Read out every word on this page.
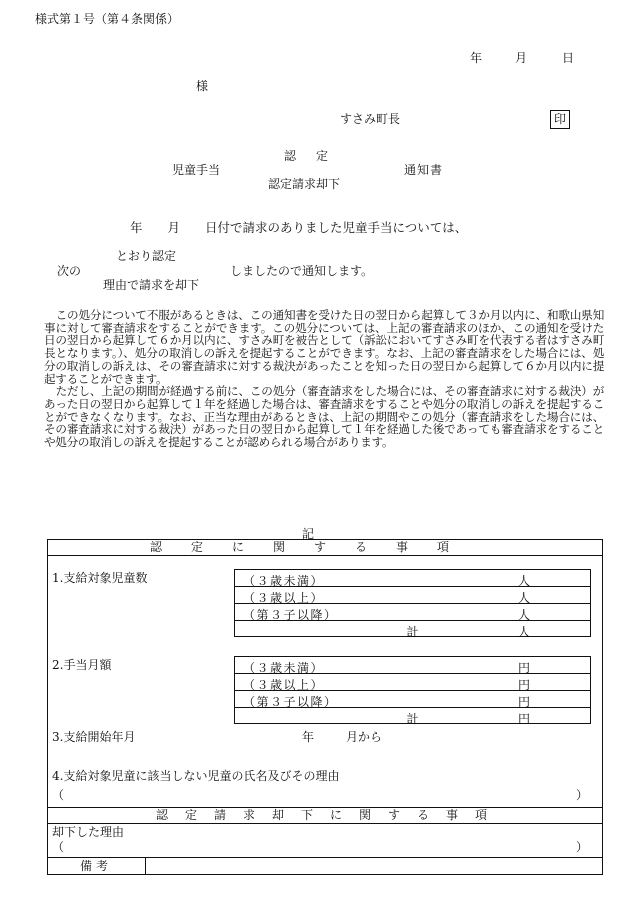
様式第１号（第４条関係）
年	月	日
様
すさみ町長	印
認　定
児童手当
認定請求却下
通知書
年　　月　　日付で請求のありました児童手当については、
とおり認定
次の	しましたので通知します。
理由で請求を却下

この処分について不服があるときは、この通知書を受けた日の翌日から起算して３か月以内に、和歌山県知事に対して審査請求をすることができます。この処分については、上記の審査請求のほか、この通知を受けた日の翌日から起算して６か月以内に、すさみ町を被告として（訴訟においてすさみ町を代表する者はすさみ町長となります。）、処分の取消しの訴えを提起することができます。なお、上記の審査請求をした場合には、処分の取消しの訴えは、その審査請求に対する裁決があったことを知った日の翌日から起算して６か月以内に提起することができます。

ただし、上記の期間が経過する前に、この処分（審査請求をした場合には、その審査請求に対する裁決）があった日の翌日から起算して１年を経過した場合は、審査請求をすることや処分の取消しの訴えを提起することができなくなります。なお、正当な理由があるときは、上記の期間やこの処分（審査請求をした場合には、その審査請求に対する裁決）があった日の翌日から起算して１年を経過した後であっても審査請求をすることや処分の取消しの訴えを提起することが認められる場合があります。

記
認定に関する事項
1.支給対象児童数	（３歳未満）	人
（３歳以上）	人
（第３子以降）	人
計	人
2.手当月額	（３歳未満）	円
（３歳以上）	円
（第３子以降）	円
計	円
3.支給開始年月	年	月から
4.支給対象児童に該当しない児童の氏名及びその理由
（	）
認定請求却下に関する事項
却下した理由
（	）
備考
